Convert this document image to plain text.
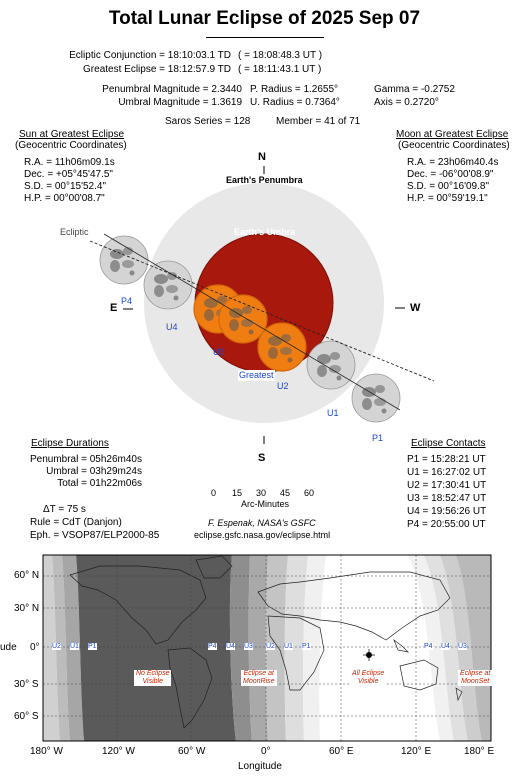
Total Lunar Eclipse of 2025 Sep 07
Ecliptic Conjunction = 18:10:03.1 TD ( = 18:08:48.3 UT )
Greatest Eclipse = 18:12:57.9 TD ( = 18:11:43.1 UT )
Penumbral Magnitude = 2.3440
Umbral Magnitude = 1.3619
P. Radius = 1.2655°
U. Radius = 0.7364°
Gamma = -0.2752
Axis = 0.2720°
Saros Series = 128	Member = 41 of 71
Sun at Greatest Eclipse
(Geocentric Coordinates)
R.A. = 11h06m09.1s
Dec. = +05°45'47.5"
S.D. = 00°15'52.4"
H.P. = 00°00'08.7"
Moon at Greatest Eclipse
(Geocentric Coordinates)
R.A. = 23h06m40.4s
Dec. = -06°00'08.9"
S.D. = 00°16'09.8"
H.P. = 00°59'19.1"
N
Earth's Penumbra
Earth's Umbra
Ecliptic
E	W
S
P4
U4
U3
Greatest
U2
U1
P1
Eclipse Durations
Penumbral = 05h26m40s
Umbral = 03h29m24s
Total = 01h22m06s
ΔT = 75 s
Rule = CdT (Danjon)
Eph. = VSOP87/ELP2000-85
0 15 30 45 60
Arc-Minutes
F. Espenak, NASA's GSFC
eclipse.gsfc.nasa.gov/eclipse.html
Eclipse Contacts
P1 = 15:28:21 UT
U1 = 16:27:02 UT
U2 = 17:30:41 UT
U3 = 18:52:47 UT
U4 = 19:56:26 UT
P4 = 20:55:00 UT
60° N
30° N
0°
30° S
60° S
ude
180° W	120° W	60° W	0°	60° E	120° E	180° E
Longitude
U2 U1 P1	P4 U4 U3 U2 U1 P1	P4 U4 U3
No Eclipse
Visible
Eclipse at
MoonRise
All Eclipse
Visible
Eclipse at
MoonSet
